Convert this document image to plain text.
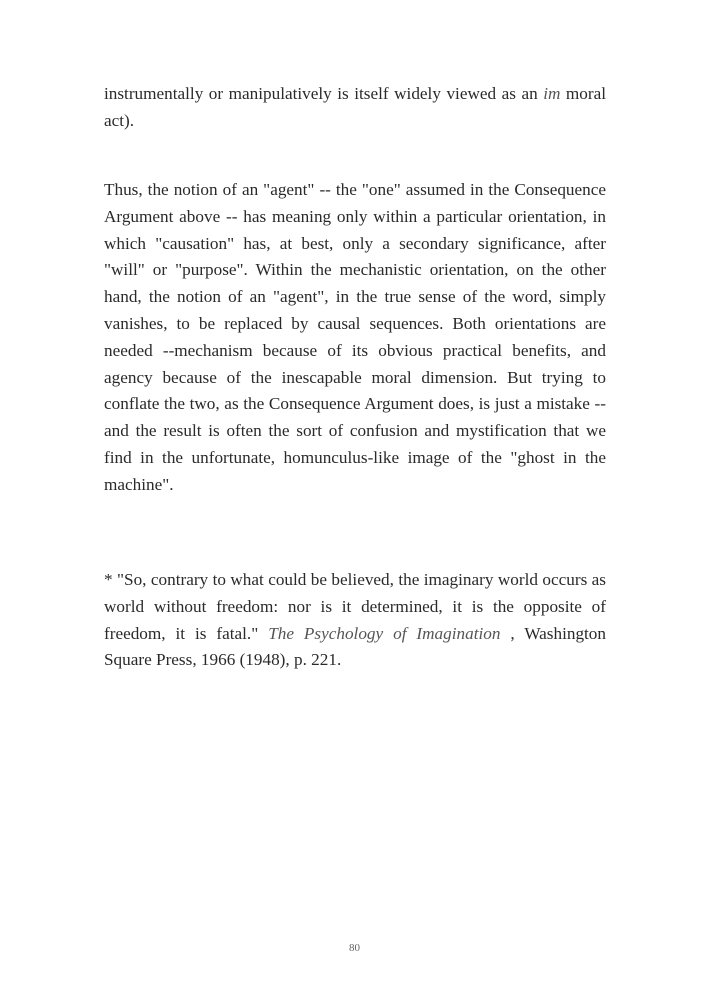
instrumentally or manipulatively is itself widely viewed as an im moral act).

Thus, the notion of an "agent" -- the "one" assumed in the Consequence Argument above -- has meaning only within a particular orientation, in which "causation" has, at best, only a secondary significance, after "will" or "purpose". Within the mechanistic orientation, on the other hand, the notion of an "agent", in the true sense of the word, simply vanishes, to be replaced by causal sequences. Both orientations are needed --mechanism because of its obvious practical benefits, and agency because of the inescapable moral dimension. But trying to conflate the two, as the Consequence Argument does, is just a mistake -- and the result is often the sort of confusion and mystification that we find in the unfortunate, homunculus-like image of the "ghost in the machine".

* "So, contrary to what could be believed, the imaginary world occurs as world without freedom: nor is it determined, it is the opposite of freedom, it is fatal." The Psychology of Imagination , Washington Square Press, 1966 (1948), p. 221.

80
